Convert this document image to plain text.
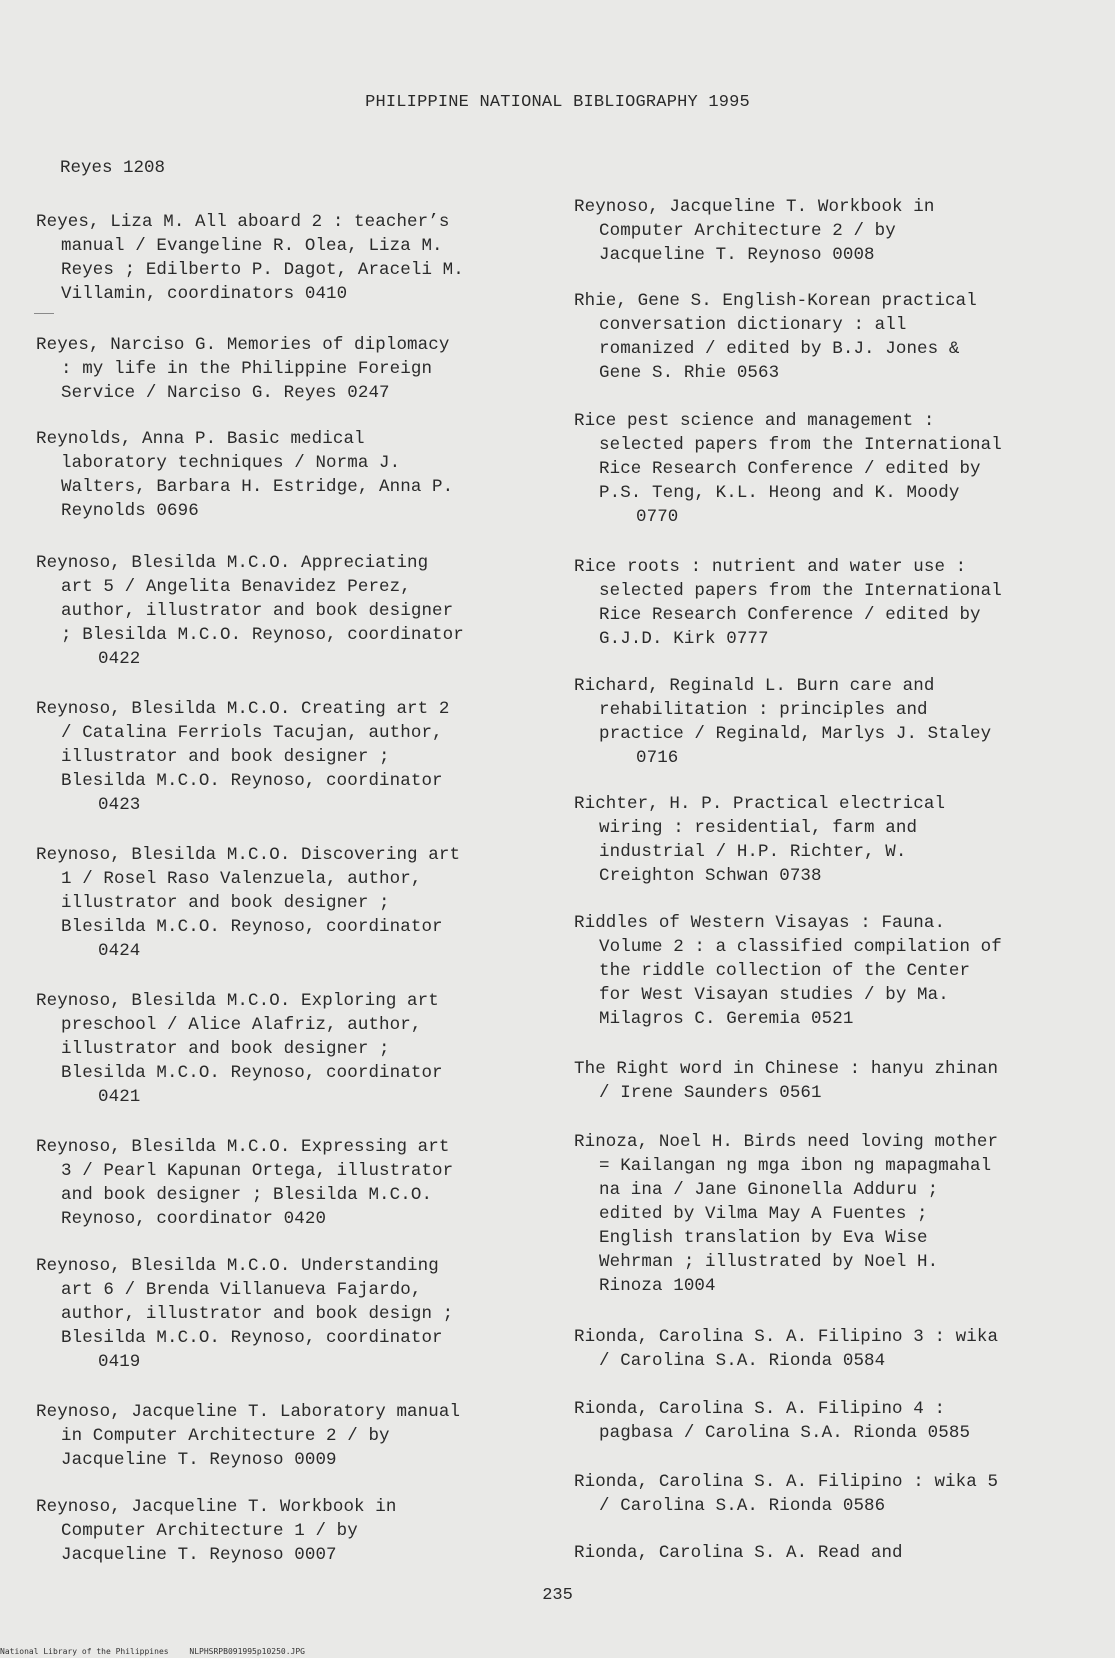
PHILIPPINE NATIONAL BIBLIOGRAPHY 1995
Reyes 1208
Reyes, Liza M. All aboard 2 : teacher’s
manual / Evangeline R. Olea, Liza M.
Reyes ; Edilberto P. Dagot, Araceli M.
Villamin, coordinators 0410
Reyes, Narciso G. Memories of diplomacy
: my life in the Philippine Foreign
Service / Narciso G. Reyes 0247
Reynolds, Anna P. Basic medical
laboratory techniques / Norma J.
Walters, Barbara H. Estridge, Anna P.
Reynolds 0696
Reynoso, Blesilda M.C.O. Appreciating
art 5 / Angelita Benavidez Perez,
author, illustrator and book designer
; Blesilda M.C.O. Reynoso, coordinator
0422
Reynoso, Blesilda M.C.O. Creating art 2
/ Catalina Ferriols Tacujan, author,
illustrator and book designer ;
Blesilda M.C.O. Reynoso, coordinator
0423
Reynoso, Blesilda M.C.O. Discovering art
1 / Rosel Raso Valenzuela, author,
illustrator and book designer ;
Blesilda M.C.O. Reynoso, coordinator
0424
Reynoso, Blesilda M.C.O. Exploring art
preschool / Alice Alafriz, author,
illustrator and book designer ;
Blesilda M.C.O. Reynoso, coordinator
0421
Reynoso, Blesilda M.C.O. Expressing art
3 / Pearl Kapunan Ortega, illustrator
and book designer ; Blesilda M.C.O.
Reynoso, coordinator 0420
Reynoso, Blesilda M.C.O. Understanding
art 6 / Brenda Villanueva Fajardo,
author, illustrator and book design ;
Blesilda M.C.O. Reynoso, coordinator
0419
Reynoso, Jacqueline T. Laboratory manual
in Computer Architecture 2 / by
Jacqueline T. Reynoso 0009
Reynoso, Jacqueline T. Workbook in
Computer Architecture 1 / by
Jacqueline T. Reynoso 0007
Reynoso, Jacqueline T. Workbook in
Computer Architecture 2 / by
Jacqueline T. Reynoso 0008
Rhie, Gene S. English-Korean practical
conversation dictionary : all
romanized / edited by B.J. Jones &
Gene S. Rhie 0563
Rice pest science and management :
selected papers from the International
Rice Research Conference / edited by
P.S. Teng, K.L. Heong and K. Moody
0770
Rice roots : nutrient and water use :
selected papers from the International
Rice Research Conference / edited by
G.J.D. Kirk 0777
Richard, Reginald L. Burn care and
rehabilitation : principles and
practice / Reginald, Marlys J. Staley
0716
Richter, H. P. Practical electrical
wiring : residential, farm and
industrial / H.P. Richter, W.
Creighton Schwan 0738
Riddles of Western Visayas : Fauna.
Volume 2 : a classified compilation of
the riddle collection of the Center
for West Visayan studies / by Ma.
Milagros C. Geremia 0521
The Right word in Chinese : hanyu zhinan
/ Irene Saunders 0561
Rinoza, Noel H. Birds need loving mother
= Kailangan ng mga ibon ng mapagmahal
na ina / Jane Ginonella Adduru ;
edited by Vilma May A Fuentes ;
English translation by Eva Wise
Wehrman ; illustrated by Noel H.
Rinoza 1004
Rionda, Carolina S. A. Filipino 3 : wika
/ Carolina S.A. Rionda 0584
Rionda, Carolina S. A. Filipino 4 :
pagbasa / Carolina S.A. Rionda 0585
Rionda, Carolina S. A. Filipino : wika 5
/ Carolina S.A. Rionda 0586
Rionda, Carolina S. A. Read and
235
National Library of the Philippines	NLPHSRPB091995p10250.JPG
